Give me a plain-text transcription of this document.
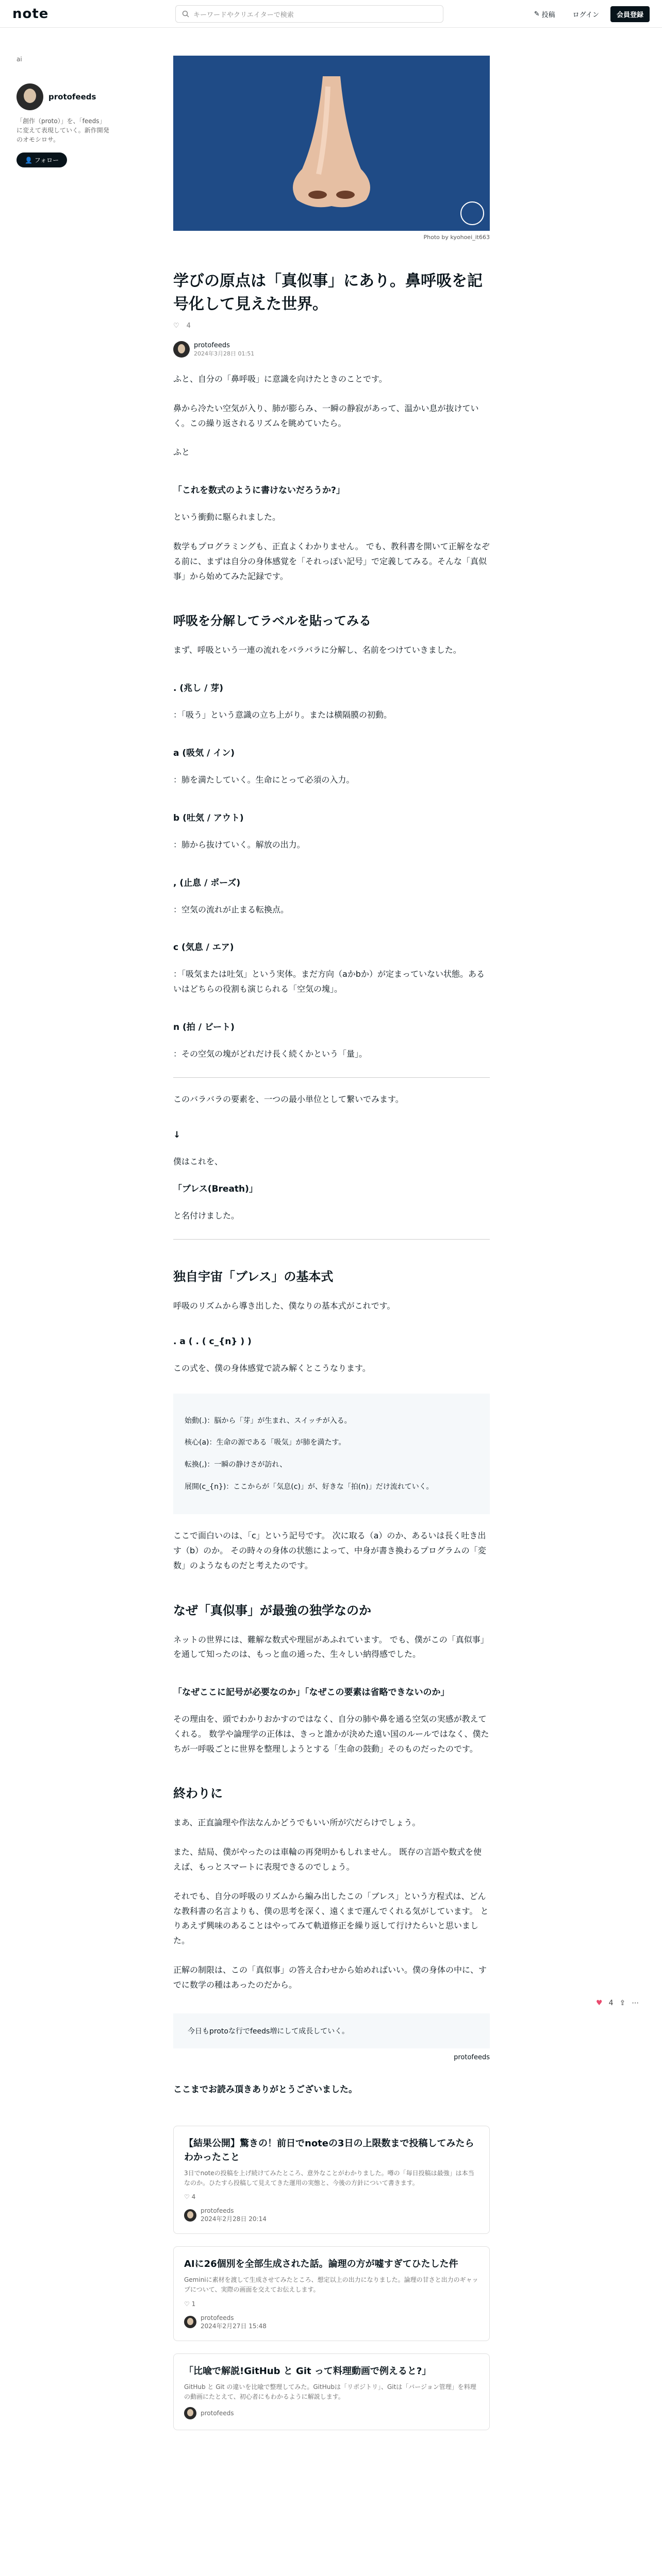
note	キーワードやクリエイターで検索	✎ 投稿	ログイン	会員登録
ai
protofeeds
「創作（proto）」を、「feeds」に変えて表現していく。新作開発のオモシロサ。
👤 フォロー
Photo by kyohoei_it663
学びの原点は「真似事」にあり。鼻呼吸を記号化して見えた世界。
♡ 4
protofeeds
2024年3月28日 01:51
ふと、自分の「鼻呼吸」に意識を向けたときのことです。
鼻から冷たい空気が入り、肺が膨らみ、一瞬の静寂があって、温かい息が抜けていく。この繰り返されるリズムを眺めていたら。
ふと
「これを数式のように書けないだろうか?」
という衝動に駆られました。
数学もプログラミングも、正直よくわかりません。 でも、教科書を開いて正解をなぞる前に、まずは自分の身体感覚を「それっぽい記号」で定義してみる。そんな「真似事」から始めてみた記録です。
呼吸を分解してラベルを貼ってみる
まず、呼吸という一連の流れをバラバラに分解し、名前をつけていきました。
. (兆し / 芽)
：「吸う」という意識の立ち上がり。または横隔膜の初動。
a (吸気 / イン)
：肺を満たしていく。生命にとって必須の入力。
b (吐気 / アウト)
：肺から抜けていく。解放の出力。
, (止息 / ポーズ)
：空気の流れが止まる転換点。
c (気息 / エア)
：「吸気または吐気」という実体。まだ方向（aかbか）が定まっていない状態。あるいはどちらの役割も演じられる「空気の塊」。
n (拍 / ビート)
：その空気の塊がどれだけ長く続くかという「量」。
このバラバラの要素を、一つの最小単位として繋いでみます。
↓
僕はこれを、
「ブレス(Breath)」
と名付けました。
独自宇宙「ブレス」の基本式
呼吸のリズムから導き出した、僕なりの基本式がこれです。
. a ( . ( c_{n} ) )
この式を、僕の身体感覚で読み解くとこうなります。
始動(.)：脳から「芽」が生まれ、スイッチが入る。
核心(a)：生命の源である「吸気」が肺を満たす。
転換(,)：一瞬の静けさが訪れ、
展開(c_{n})：ここからが「気息(c)」が、好きな「拍(n)」だけ流れていく。
ここで面白いのは、「c」という記号です。 次に取る（a）のか、あるいは長く吐き出す（b）のか。 その時々の身体の状態によって、中身が書き換わるプログラムの「変数」のようなものだと考えたのです。
なぜ「真似事」が最強の独学なのか
ネットの世界には、難解な数式や理屈があふれています。 でも、僕がこの「真似事」を通して知ったのは、もっと血の通った、生々しい納得感でした。
「なぜここに記号が必要なのか」「なぜこの要素は省略できないのか」
その理由を、頭でわかりおかすのではなく、自分の肺や鼻を通る空気の実感が教えてくれる。 数学や論理学の正体は、きっと誰かが決めた遠い国のルールではなく、僕たちが一呼吸ごとに世界を整理しようとする「生命の鼓動」そのものだったのです。
終わりに
まあ、正直論理や作法なんかどうでもいい所が穴だらけでしょう。
また、結局、僕がやったのは車輪の再発明かもしれません。 既存の言語や数式を使えば、もっとスマートに表現できるのでしょう。
それでも、自分の呼吸のリズムから編み出したこの「ブレス」という方程式は、どんな教科書の名言よりも、僕の思考を深く、遠くまで運んでくれる気がしています。 とりあえず興味のあることはやってみて軌道修正を繰り返して行けたらいと思いました。
正解の制限は、この「真似事」の答え合わせから始めればいい。僕の身体の中に、すでに数学の種はあったのだから。
今日もprotoな行でfeeds増にして成長していく。
protofeeds
ここまでお読み頂きありがとうございました。
【結果公開】驚きの！前日でnoteの3日の上限数まで投稿してみたらわかったこと
3日でnoteの投稿を上げ続けてみたところ、意外なことがわかりました。噂の「毎日投稿は最強」は本当なのか。ひたすら投稿して見えてきた運用の実態と、今後の方針について書きます。
♡ 4
protofeeds
2024年2月28日 20:14
AIに26個別を全部生成された話。論理の方が嘘すぎてひたした件
Geminiに素材を渡して生成させてみたところ、想定以上の出力になりました。論理の甘さと出力のギャップについて、実際の画面を交えてお伝えします。
♡ 1
protofeeds
2024年2月27日 15:48
「比喩で解説!GitHub と Git って料理動画で例えると?」
GitHub と Git の違いを比喩で整理してみた。GitHubは「リポジトリ」、Gitは「バージョン管理」を料理の動画にたとえて、初心者にもわかるように解説します。
protofeeds
♥ 4 ⇪ ⋯
